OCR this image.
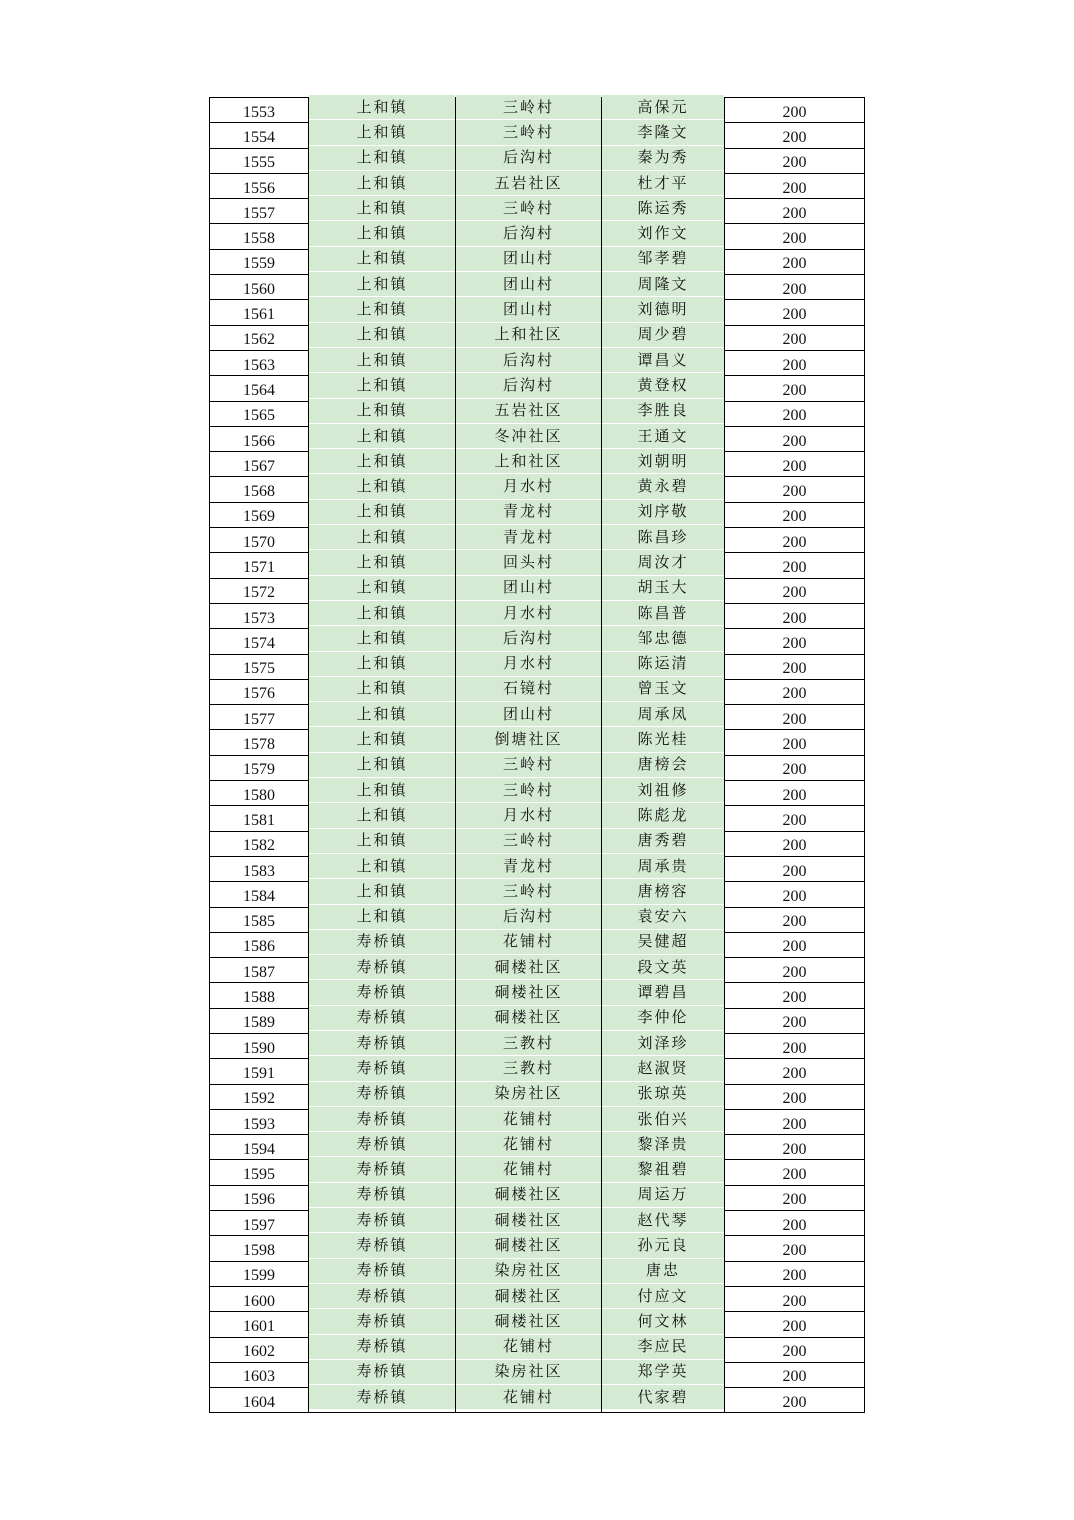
1553	上和镇	三岭村	高保元	200
1554	上和镇	三岭村	李隆文	200
1555	上和镇	后沟村	秦为秀	200
1556	上和镇	五岩社区	杜才平	200
1557	上和镇	三岭村	陈运秀	200
1558	上和镇	后沟村	刘作文	200
1559	上和镇	团山村	邹孝碧	200
1560	上和镇	团山村	周隆文	200
1561	上和镇	团山村	刘德明	200
1562	上和镇	上和社区	周少碧	200
1563	上和镇	后沟村	谭昌义	200
1564	上和镇	后沟村	黄登权	200
1565	上和镇	五岩社区	李胜良	200
1566	上和镇	冬冲社区	王通文	200
1567	上和镇	上和社区	刘朝明	200
1568	上和镇	月水村	黄永碧	200
1569	上和镇	青龙村	刘序敬	200
1570	上和镇	青龙村	陈昌珍	200
1571	上和镇	回头村	周汝才	200
1572	上和镇	团山村	胡玉大	200
1573	上和镇	月水村	陈昌普	200
1574	上和镇	后沟村	邹忠德	200
1575	上和镇	月水村	陈运清	200
1576	上和镇	石镜村	曾玉文	200
1577	上和镇	团山村	周承凤	200
1578	上和镇	倒塘社区	陈光桂	200
1579	上和镇	三岭村	唐榜会	200
1580	上和镇	三岭村	刘祖修	200
1581	上和镇	月水村	陈彪龙	200
1582	上和镇	三岭村	唐秀碧	200
1583	上和镇	青龙村	周承贵	200
1584	上和镇	三岭村	唐榜容	200
1585	上和镇	后沟村	袁安六	200
1586	寿桥镇	花铺村	吴健超	200
1587	寿桥镇	硐楼社区	段文英	200
1588	寿桥镇	硐楼社区	谭碧昌	200
1589	寿桥镇	硐楼社区	李仲伦	200
1590	寿桥镇	三教村	刘泽珍	200
1591	寿桥镇	三教村	赵淑贤	200
1592	寿桥镇	染房社区	张琼英	200
1593	寿桥镇	花铺村	张伯兴	200
1594	寿桥镇	花铺村	黎泽贵	200
1595	寿桥镇	花铺村	黎祖碧	200
1596	寿桥镇	硐楼社区	周运万	200
1597	寿桥镇	硐楼社区	赵代琴	200
1598	寿桥镇	硐楼社区	孙元良	200
1599	寿桥镇	染房社区	唐忠	200
1600	寿桥镇	硐楼社区	付应文	200
1601	寿桥镇	硐楼社区	何文林	200
1602	寿桥镇	花铺村	李应民	200
1603	寿桥镇	染房社区	郑学英	200
1604	寿桥镇	花铺村	代家碧	200
